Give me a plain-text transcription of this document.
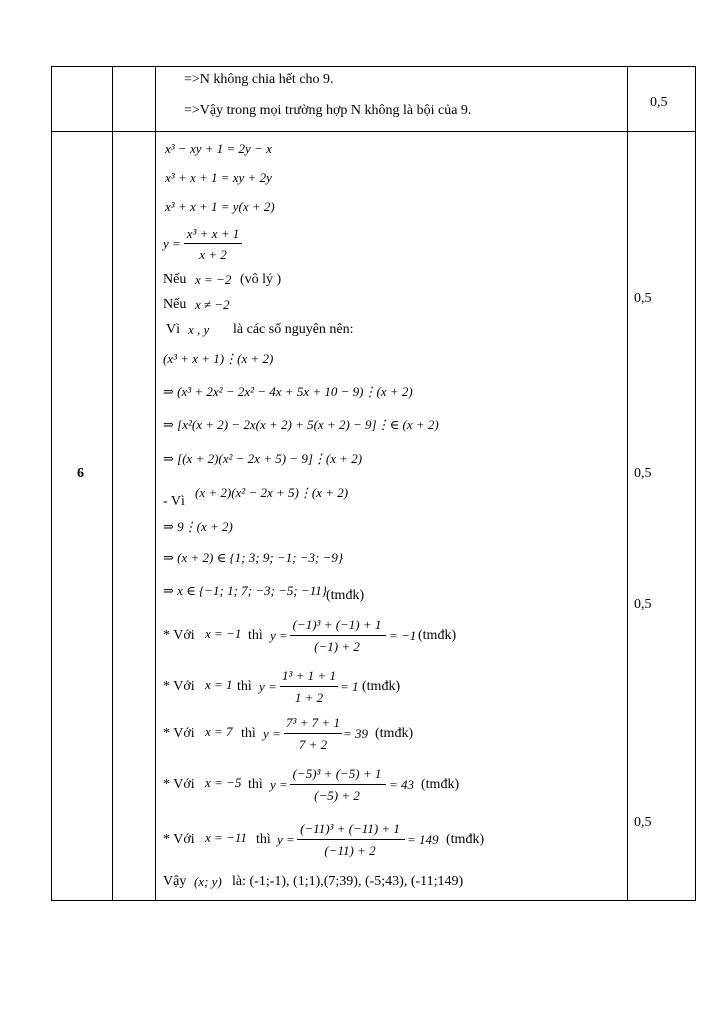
=>N không chia hết cho 9.
=>Vậy trong mọi trường hợp N không là bội của 9.
0,5
6
0,5
0,5
0,5
0,5
x³ − xy + 1 = 2y − x
x³ + x + 1 = xy + 2y
x³ + x + 1 = y(x + 2)
y =
x³ + x + 1
x + 2
Nếu x = −2 (vô lý )
Nếu x ≠ −2
Vì x , y là các số nguyên nên:
(x³ + x + 1)⋮(x + 2)
⇒ (x³ + 2x² − 2x² − 4x + 5x + 10 − 9)⋮(x + 2)
⇒ [x²(x + 2) − 2x(x + 2) + 5(x + 2) − 9]⋮∈ (x + 2)
⇒ [(x + 2)(x² − 2x + 5) − 9]⋮(x + 2)
- Vì
(x + 2)(x² − 2x + 5)⋮(x + 2)
⇒ 9⋮(x + 2)
⇒ (x + 2) ∈ {1; 3; 9; −1; −3; −9}
⇒ x ∈ {−1; 1; 7; −3; −5; −11} (tmđk)
* Với x = −1 thì y =
(−1)³ + (−1) + 1
(−1) + 2
= −1 (tmđk)
* Với x = 1 thì y =
1³ + 1 + 1
1 + 2
= 1 (tmđk)
* Với x = 7 thì y =
7³ + 7 + 1
7 + 2
= 39 (tmđk)
* Với x = −5 thì y =
(−5)³ + (−5) + 1
(−5) + 2
= 43 (tmđk)
* Với x = −11 thì y =
(−11)³ + (−11) + 1
(−11) + 2
= 149 (tmđk)
Vậy (x; y) là: (-1;-1), (1;1),(7;39), (-5;43), (-11;149)
